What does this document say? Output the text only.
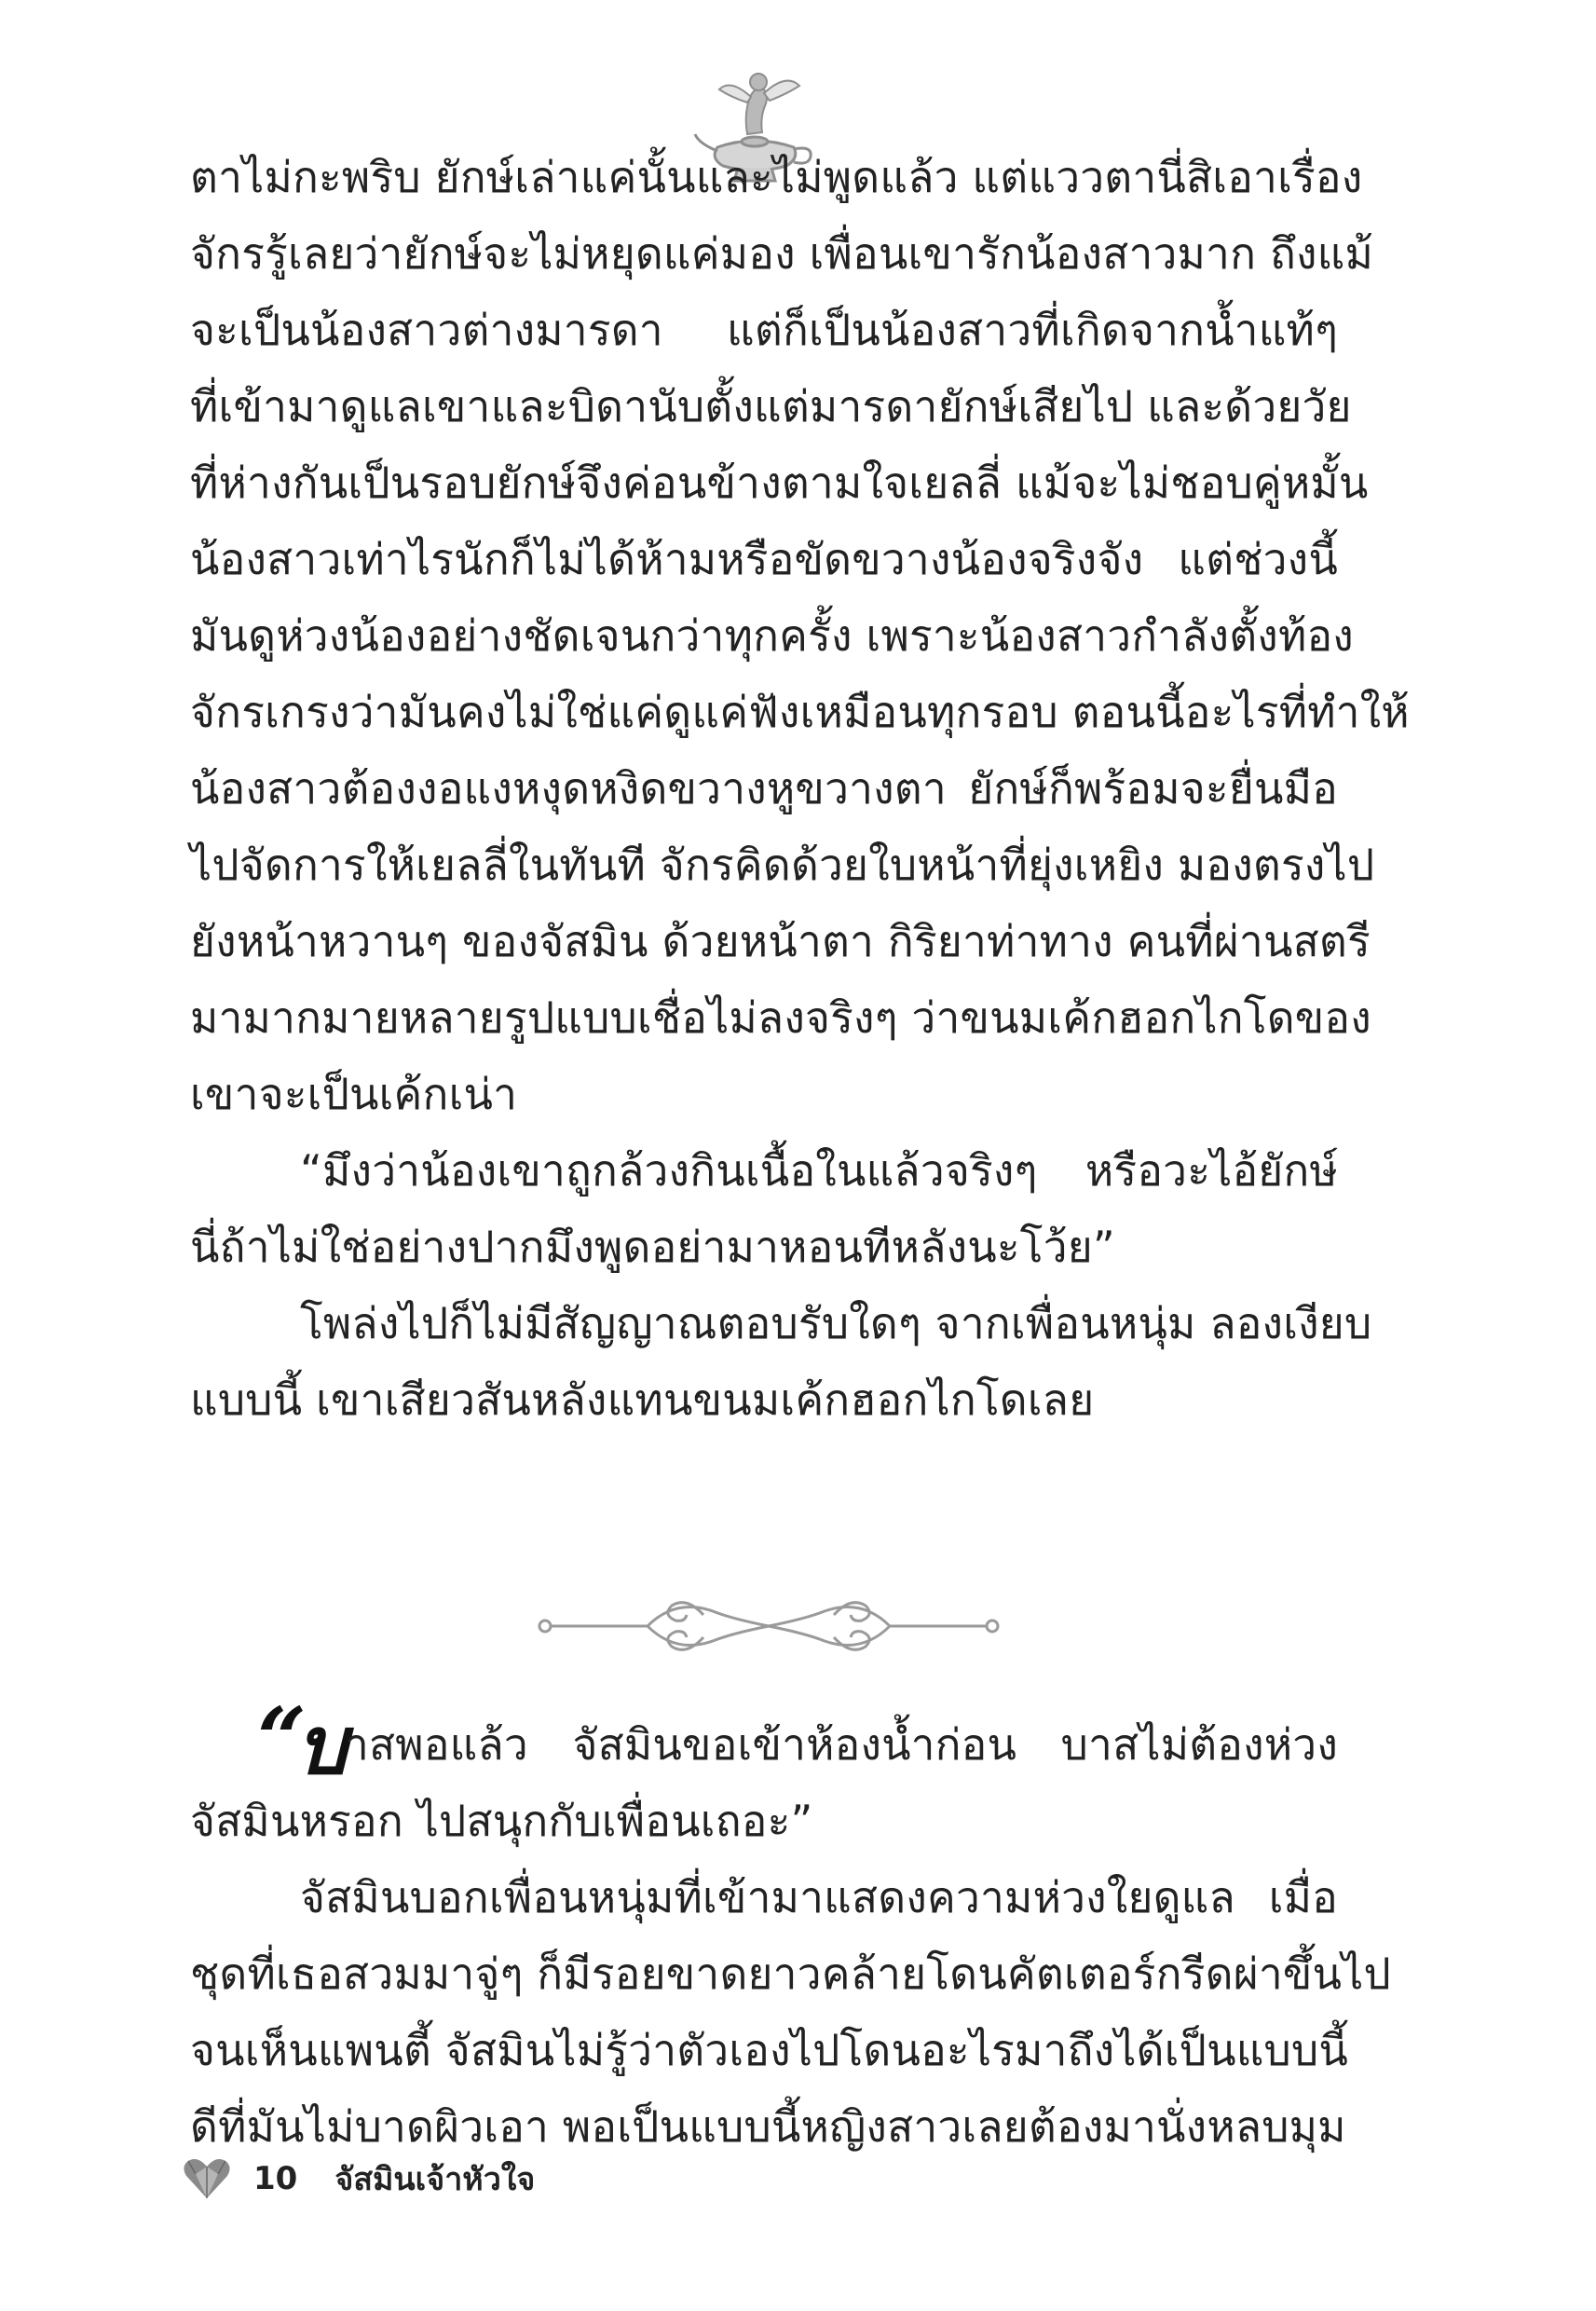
ตาไม่กะพริบ ยักษ์เล่าแค่นั้นและไม่พูดแล้ว แต่แววตานี่สิเอาเรื่อง
จักรรู้เลยว่ายักษ์จะไม่หยุดแค่มอง เพื่อนเขารักน้องสาวมาก ถึงแม้
จะเป็นน้องสาวต่างมารดา แต่ก็เป็นน้องสาวที่เกิดจากน้ำแท้ๆ
ที่เข้ามาดูแลเขาและบิดานับตั้งแต่มารดายักษ์เสียไป และด้วยวัย
ที่ห่างกันเป็นรอบยักษ์จึงค่อนข้างตามใจเยลลี่ แม้จะไม่ชอบคู่หมั้น
น้องสาวเท่าไรนักก็ไม่ได้ห้ามหรือขัดขวางน้องจริงจัง แต่ช่วงนี้
มันดูห่วงน้องอย่างชัดเจนกว่าทุกครั้ง เพราะน้องสาวกำลังตั้งท้อง
จักรเกรงว่ามันคงไม่ใช่แค่ดูแค่ฟังเหมือนทุกรอบ ตอนนี้อะไรที่ทำให้
น้องสาวต้องงอแงหงุดหงิดขวางหูขวางตา ยักษ์ก็พร้อมจะยื่นมือ
ไปจัดการให้เยลลี่ในทันที จักรคิดด้วยใบหน้าที่ยุ่งเหยิง มองตรงไป
ยังหน้าหวานๆ ของจัสมิน ด้วยหน้าตา กิริยาท่าทาง คนที่ผ่านสตรี
มามากมายหลายรูปแบบเชื่อไม่ลงจริงๆ ว่าขนมเค้กฮอกไกโดของ
เขาจะเป็นเค้กเน่า
“มึงว่าน้องเขาถูกล้วงกินเนื้อในแล้วจริงๆ หรือวะไอ้ยักษ์
นี่ถ้าไม่ใช่อย่างปากมึงพูดอย่ามาหอนทีหลังนะโว้ย”
โพล่งไปก็ไม่มีสัญญาณตอบรับใดๆ จากเพื่อนหนุ่ม ลองเงียบ
แบบนี้ เขาเสียวสันหลังแทนขนมเค้กฮอกไกโดเลย
“
บ
าสพอแล้ว จัสมินขอเข้าห้องน้ำก่อน บาสไม่ต้องห่วง
จัสมินหรอก ไปสนุกกับเพื่อนเถอะ”
จัสมินบอกเพื่อนหนุ่มที่เข้ามาแสดงความห่วงใยดูแล เมื่อ
ชุดที่เธอสวมมาจู่ๆ ก็มีรอยขาดยาวคล้ายโดนคัตเตอร์กรีดผ่าขึ้นไป
จนเห็นแพนตี้ จัสมินไม่รู้ว่าตัวเองไปโดนอะไรมาถึงได้เป็นแบบนี้
ดีที่มันไม่บาดผิวเอา พอเป็นแบบนี้หญิงสาวเลยต้องมานั่งหลบมุม
10 จัสมินเจ้าหัวใจ
